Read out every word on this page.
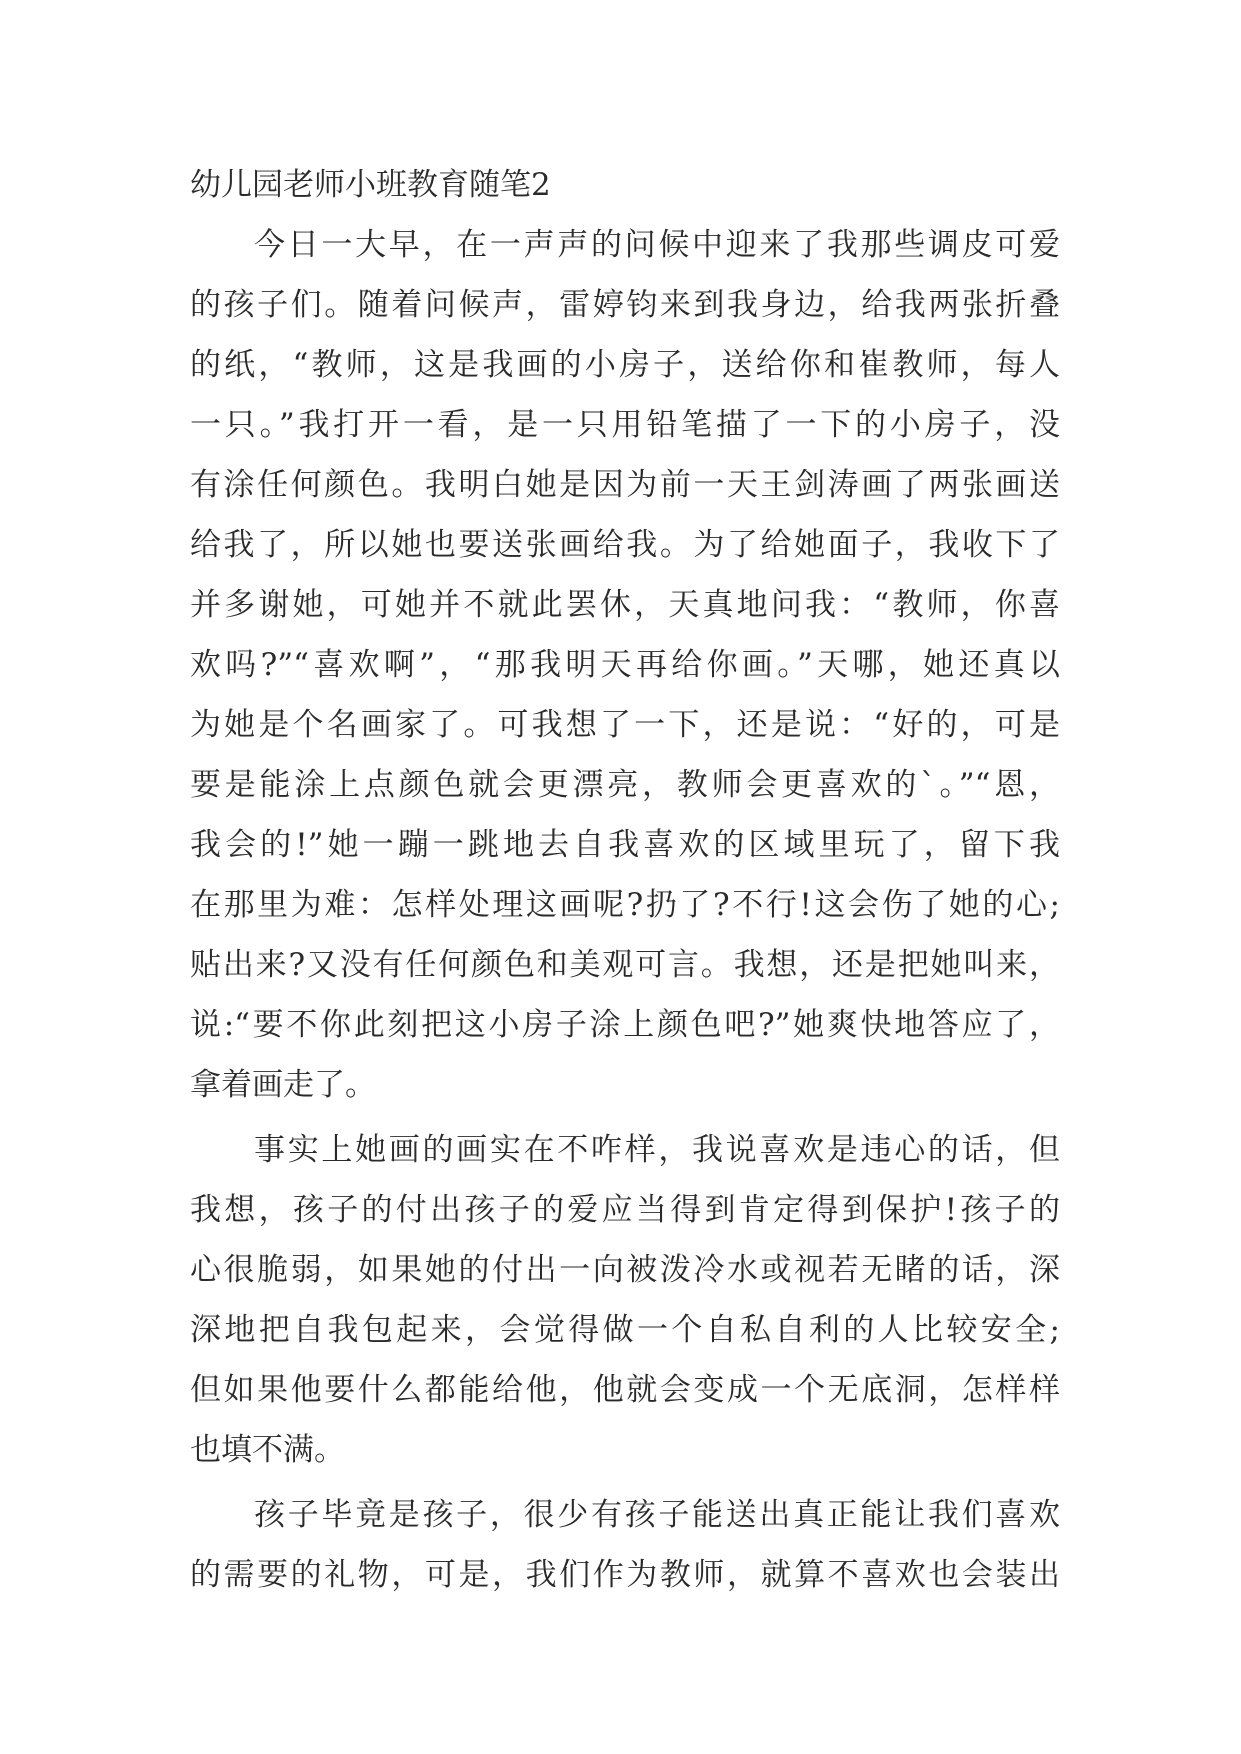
幼儿园老师小班教育随笔2
今日一大早，在一声声的问候中迎来了我那些调皮可爱
的孩子们。随着问候声，雷婷钧来到我身边，给我两张折叠
的纸，“教师，这是我画的小房子，送给你和崔教师，每人
一只。”我打开一看，是一只用铅笔描了一下的小房子，没
有涂任何颜色。我明白她是因为前一天王剑涛画了两张画送
给我了，所以她也要送张画给我。为了给她面子，我收下了
并多谢她，可她并不就此罢休，天真地问我：“教师，你喜
欢吗?”“喜欢啊”，“那我明天再给你画。”天哪，她还真以
为她是个名画家了。可我想了一下，还是说：“好的，可是
要是能涂上点颜色就会更漂亮，教师会更喜欢的`。”“恩，
我会的!”她一蹦一跳地去自我喜欢的区域里玩了，留下我
在那里为难：怎样处理这画呢?扔了?不行!这会伤了她的心;
贴出来?又没有任何颜色和美观可言。我想，还是把她叫来，
说:“要不你此刻把这小房子涂上颜色吧?”她爽快地答应了，
拿着画走了。
事实上她画的画实在不咋样，我说喜欢是违心的话，但
我想，孩子的付出孩子的爱应当得到肯定得到保护!孩子的
心很脆弱，如果她的付出一向被泼冷水或视若无睹的话，深
深地把自我包起来，会觉得做一个自私自利的人比较安全;
但如果他要什么都能给他，他就会变成一个无底洞，怎样样
也填不满。
孩子毕竟是孩子，很少有孩子能送出真正能让我们喜欢
的需要的礼物，可是，我们作为教师，就算不喜欢也会装出
